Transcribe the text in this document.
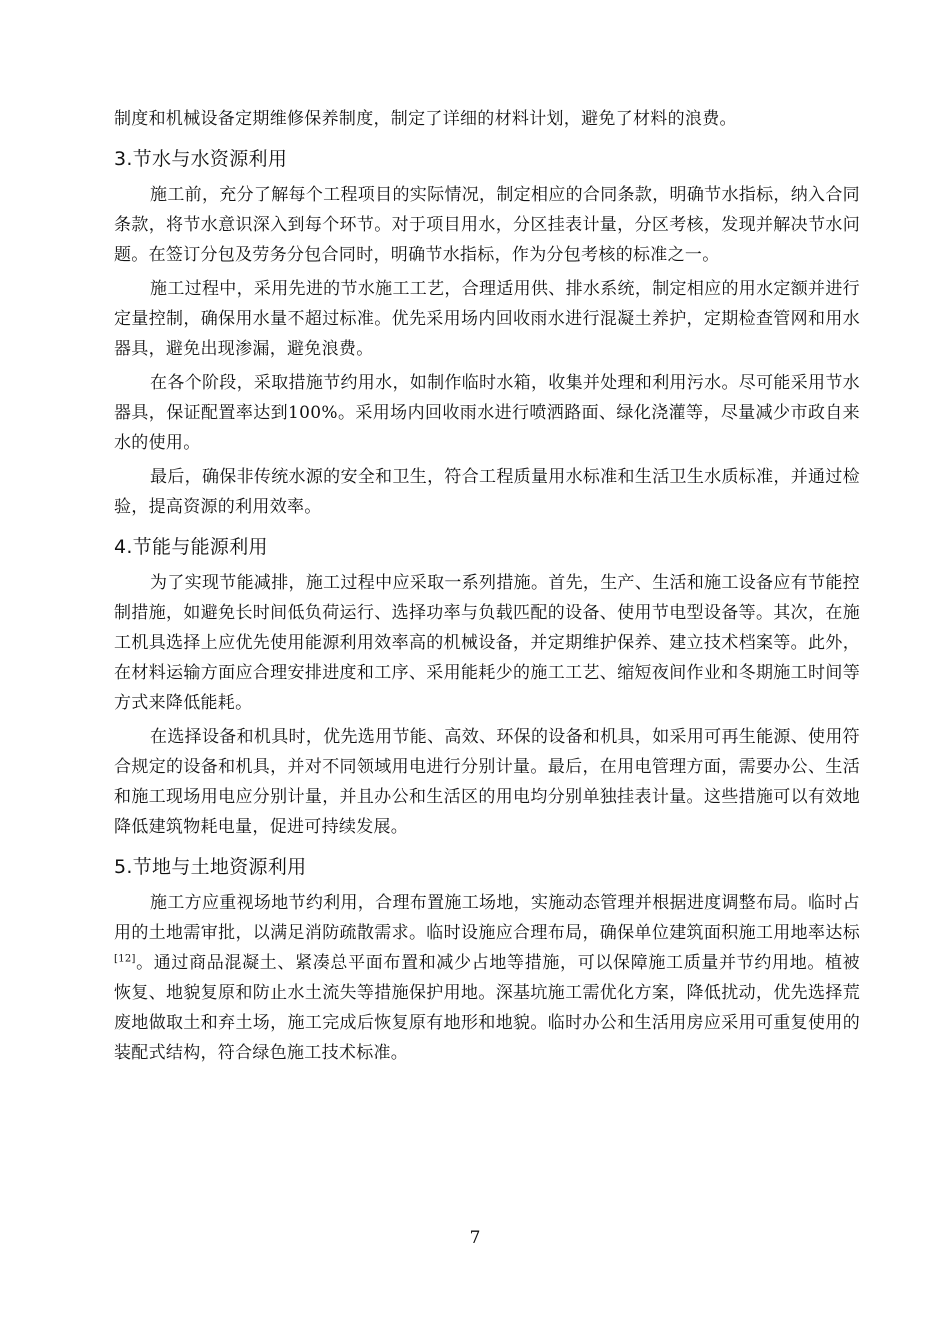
制度和机械设备定期维修保养制度，制定了详细的材料计划，避免了材料的浪费。

3.节水与水资源利用

施工前，充分了解每个工程项目的实际情况，制定相应的合同条款，明确节水指标，纳入合同条款，将节水意识深入到每个环节。对于项目用水，分区挂表计量，分区考核，发现并解决节水问题。在签订分包及劳务分包合同时，明确节水指标，作为分包考核的标准之一。

施工过程中，采用先进的节水施工工艺，合理适用供、排水系统，制定相应的用水定额并进行定量控制，确保用水量不超过标准。优先采用场内回收雨水进行混凝土养护，定期检查管网和用水器具，避免出现渗漏，避免浪费。

在各个阶段，采取措施节约用水，如制作临时水箱，收集并处理和利用污水。尽可能采用节水器具，保证配置率达到100%。采用场内回收雨水进行喷洒路面、绿化浇灌等，尽量减少市政自来水的使用。

最后，确保非传统水源的安全和卫生，符合工程质量用水标准和生活卫生水质标准，并通过检验，提高资源的利用效率。

4.节能与能源利用

为了实现节能减排，施工过程中应采取一系列措施。首先，生产、生活和施工设备应有节能控制措施，如避免长时间低负荷运行、选择功率与负载匹配的设备、使用节电型设备等。其次，在施工机具选择上应优先使用能源利用效率高的机械设备，并定期维护保养、建立技术档案等。此外，在材料运输方面应合理安排进度和工序、采用能耗少的施工工艺、缩短夜间作业和冬期施工时间等方式来降低能耗。

在选择设备和机具时，优先选用节能、高效、环保的设备和机具，如采用可再生能源、使用符合规定的设备和机具，并对不同领域用电进行分别计量。最后，在用电管理方面，需要办公、生活和施工现场用电应分别计量，并且办公和生活区的用电均分别单独挂表计量。这些措施可以有效地降低建筑物耗电量，促进可持续发展。

5.节地与土地资源利用

施工方应重视场地节约利用，合理布置施工场地，实施动态管理并根据进度调整布局。临时占用的土地需审批，以满足消防疏散需求。临时设施应合理布局，确保单位建筑面积施工用地率达标[12]。通过商品混凝土、紧凑总平面布置和减少占地等措施，可以保障施工质量并节约用地。植被恢复、地貌复原和防止水土流失等措施保护用地。深基坑施工需优化方案，降低扰动，优先选择荒废地做取土和弃土场，施工完成后恢复原有地形和地貌。临时办公和生活用房应采用可重复使用的装配式结构，符合绿色施工技术标准。

7
